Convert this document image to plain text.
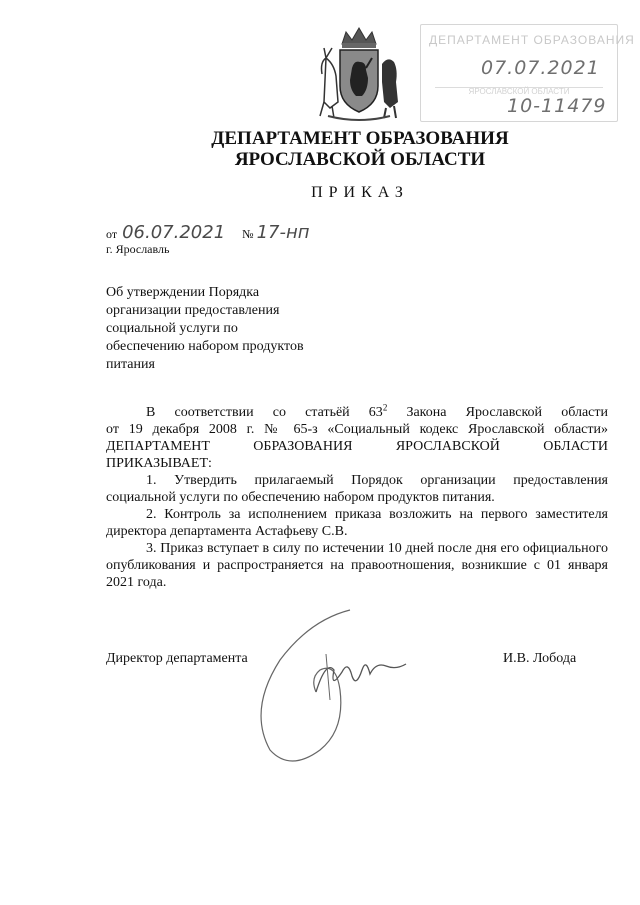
ДЕПАРТАМЕНТ ОБРАЗОВАНИЯ
07.07.2021
ЯРОСЛАВСКОЙ ОБЛАСТИ
10-11479
ДЕПАРТАМЕНТ ОБРАЗОВАНИЯ
ЯРОСЛАВСКОЙ ОБЛАСТИ
ПРИКАЗ
от 06.07.2021 № 17-нп
г. Ярославль
Об утверждении Порядка
организации предоставления
социальной услуги по
обеспечению набором продуктов
питания

В соответствии со статьёй $63^2$ Закона Ярославской области

от 19 декабря 2008 г. № 65-з «Социальный кодекс Ярославской области»

ДЕПАРТАМЕНТ ОБРАЗОВАНИЯ ЯРОСЛАВСКОЙ ОБЛАСТИ

ПРИКАЗЫВАЕТ:

1. Утвердить прилагаемый Порядок организации предоставления социальной услуги по обеспечению набором продуктов питания.

2. Контроль за исполнением приказа возложить на первого заместителя директора департамента Астафьеву С.В.

3. Приказ вступает в силу по истечении 10 дней после дня его официального опубликования и распространяется на правоотношения, возникшие с 01 января 2021 года.

Директор департамента	И.В. Лобода
